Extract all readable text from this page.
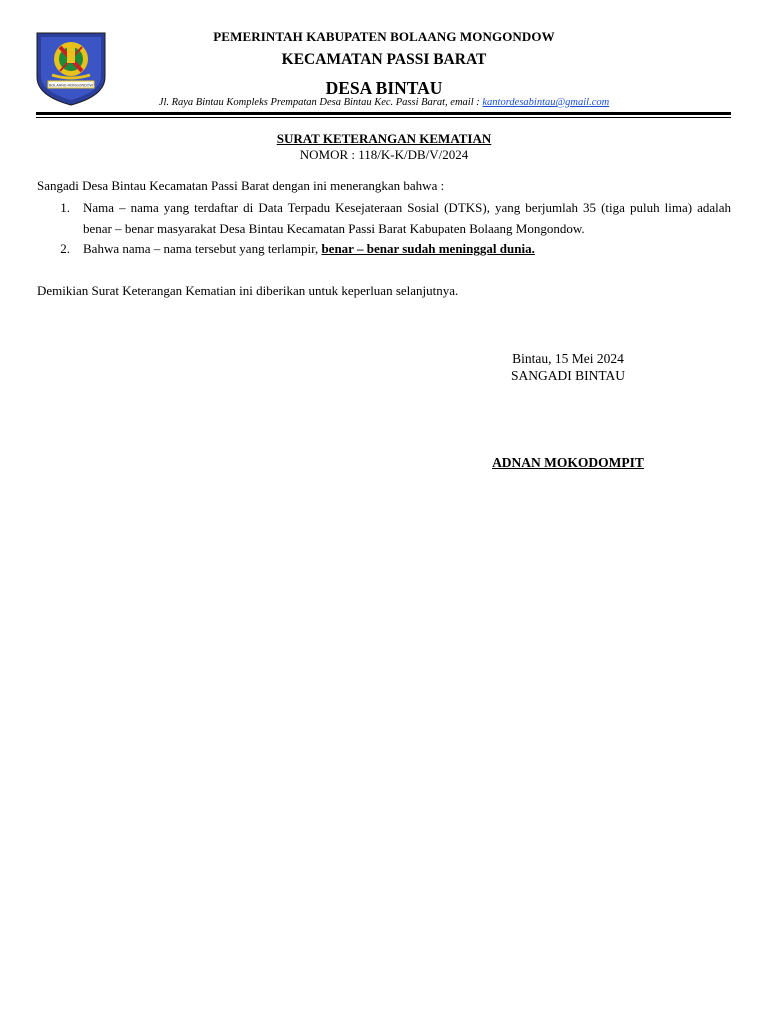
BOLAANG MONGONDOW
PEMERINTAH KABUPATEN BOLAANG MONGONDOW
KECAMATAN PASSI BARAT
DESA BINTAU
Jl. Raya Bintau Kompleks Prempatan Desa Bintau Kec. Passi Barat, email : kantordesabintau@gmail.com
SURAT KETERANGAN KEMATIAN
NOMOR : 118/K-K/DB/V/2024
Sangadi Desa Bintau Kecamatan Passi Barat dengan ini menerangkan bahwa :
1. Nama – nama yang terdaftar di Data Terpadu Kesejateraan Sosial (DTKS), yang berjumlah 35 (tiga puluh lima) adalah benar – benar masyarakat Desa Bintau Kecamatan Passi Barat Kabupaten Bolaang Mongondow.
2. Bahwa nama – nama tersebut yang terlampir, benar – benar sudah meninggal dunia.
Demikian Surat Keterangan Kematian ini diberikan untuk keperluan selanjutnya.
Bintau, 15 Mei 2024
SANGADI BINTAU
ADNAN MOKODOMPIT
